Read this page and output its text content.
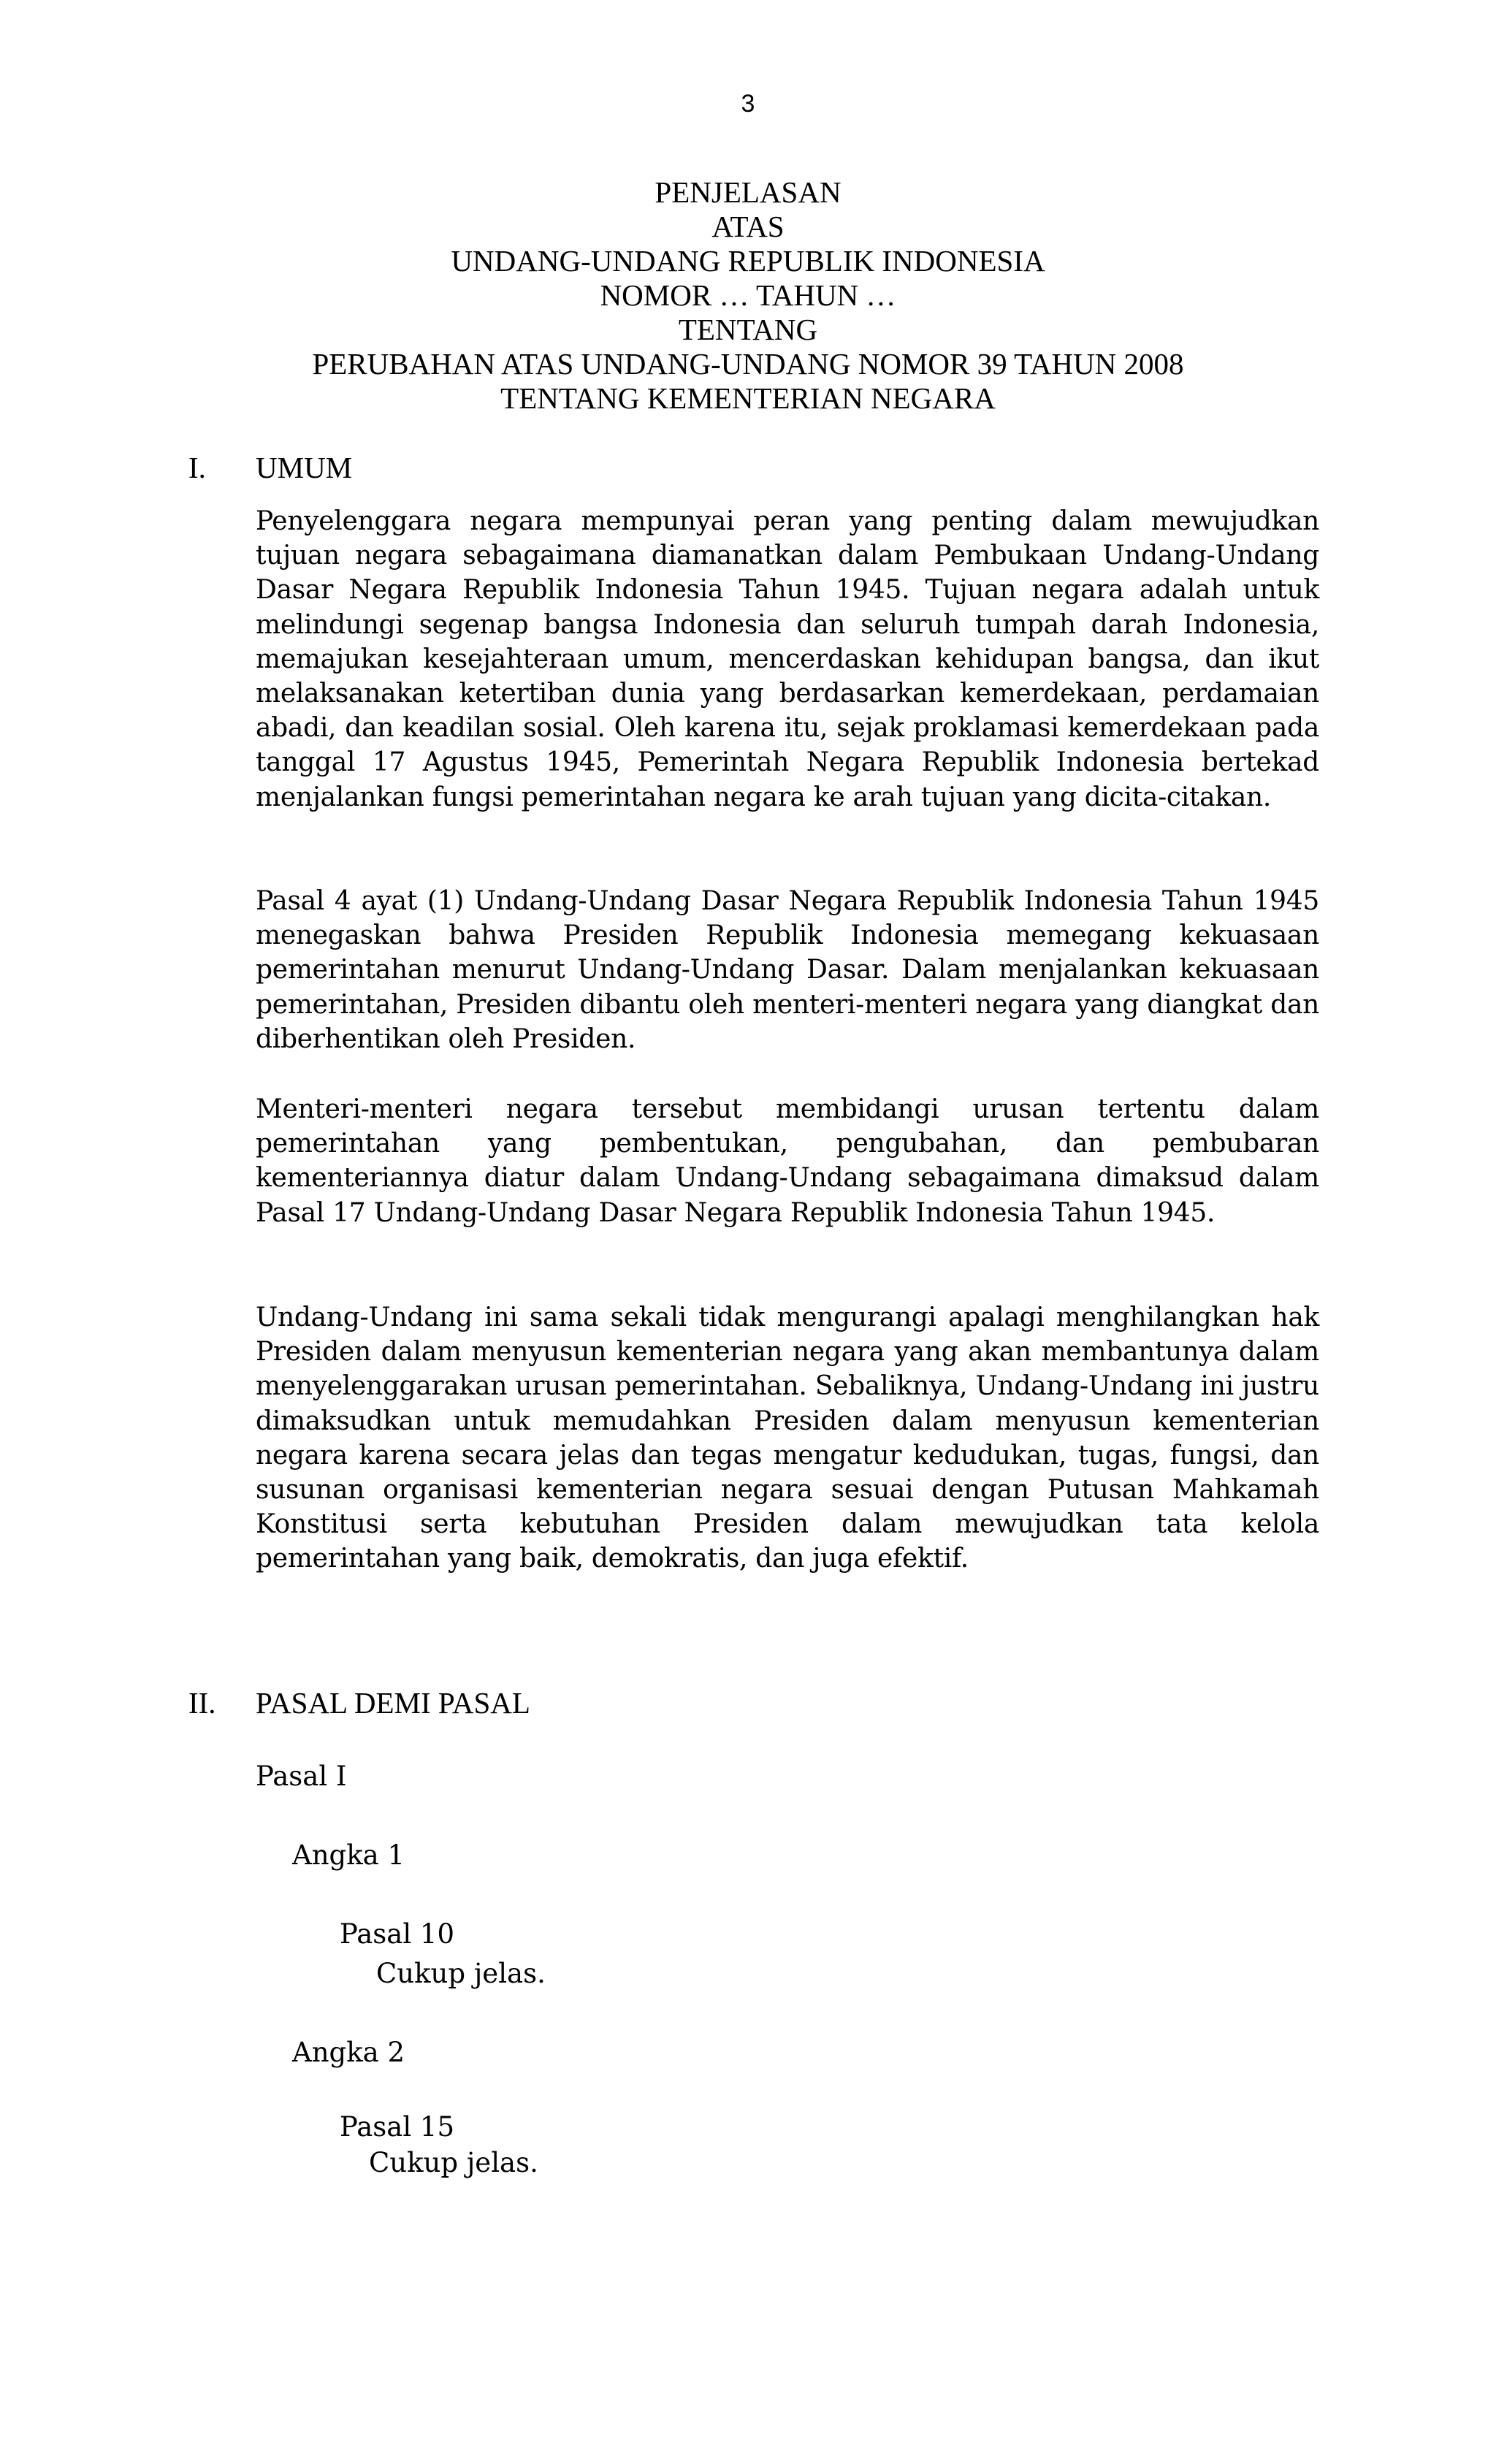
3
PENJELASAN
ATAS
UNDANG-UNDANG REPUBLIK INDONESIA
NOMOR … TAHUN …
TENTANG
PERUBAHAN ATAS UNDANG-UNDANG NOMOR 39 TAHUN 2008
TENTANG KEMENTERIAN NEGARA
I. UMUM

Penyelenggara negara mempunyai peran yang penting dalam mewujudkan tujuan negara sebagaimana diamanatkan dalam Pembukaan Undang-Undang Dasar Negara Republik Indonesia Tahun 1945. Tujuan negara adalah untuk melindungi segenap bangsa Indonesia dan seluruh tumpah darah Indonesia, memajukan kesejahteraan umum, mencerdaskan kehidupan bangsa, dan ikut melaksanakan ketertiban dunia yang berdasarkan kemerdekaan, perdamaian abadi, dan keadilan sosial. Oleh karena itu, sejak proklamasi kemerdekaan pada tanggal 17 Agustus 1945, Pemerintah Negara Republik Indonesia bertekad menjalankan fungsi pemerintahan negara ke arah tujuan yang dicita-citakan.

Pasal 4 ayat (1) Undang-Undang Dasar Negara Republik Indonesia Tahun 1945 menegaskan bahwa Presiden Republik Indonesia memegang kekuasaan pemerintahan menurut Undang-Undang Dasar. Dalam menjalankan kekuasaan pemerintahan, Presiden dibantu oleh menteri-menteri negara yang diangkat dan diberhentikan oleh Presiden.

Menteri-menteri negara tersebut membidangi urusan tertentu dalam pemerintahan yang pembentukan, pengubahan, dan pembubaran kementeriannya diatur dalam Undang-Undang sebagaimana dimaksud dalam Pasal 17 Undang-Undang Dasar Negara Republik Indonesia Tahun 1945.

Undang-Undang ini sama sekali tidak mengurangi apalagi menghilangkan hak Presiden dalam menyusun kementerian negara yang akan membantunya dalam menyelenggarakan urusan pemerintahan. Sebaliknya, Undang-Undang ini justru dimaksudkan untuk memudahkan Presiden dalam menyusun kementerian negara karena secara jelas dan tegas mengatur kedudukan, tugas, fungsi, dan susunan organisasi kementerian negara sesuai dengan Putusan Mahkamah Konstitusi serta kebutuhan Presiden dalam mewujudkan tata kelola pemerintahan yang baik, demokratis, dan juga efektif.

II. PASAL DEMI PASAL
Pasal I
Angka 1
Pasal 10
Cukup jelas.
Angka 2
Pasal 15
Cukup jelas.
